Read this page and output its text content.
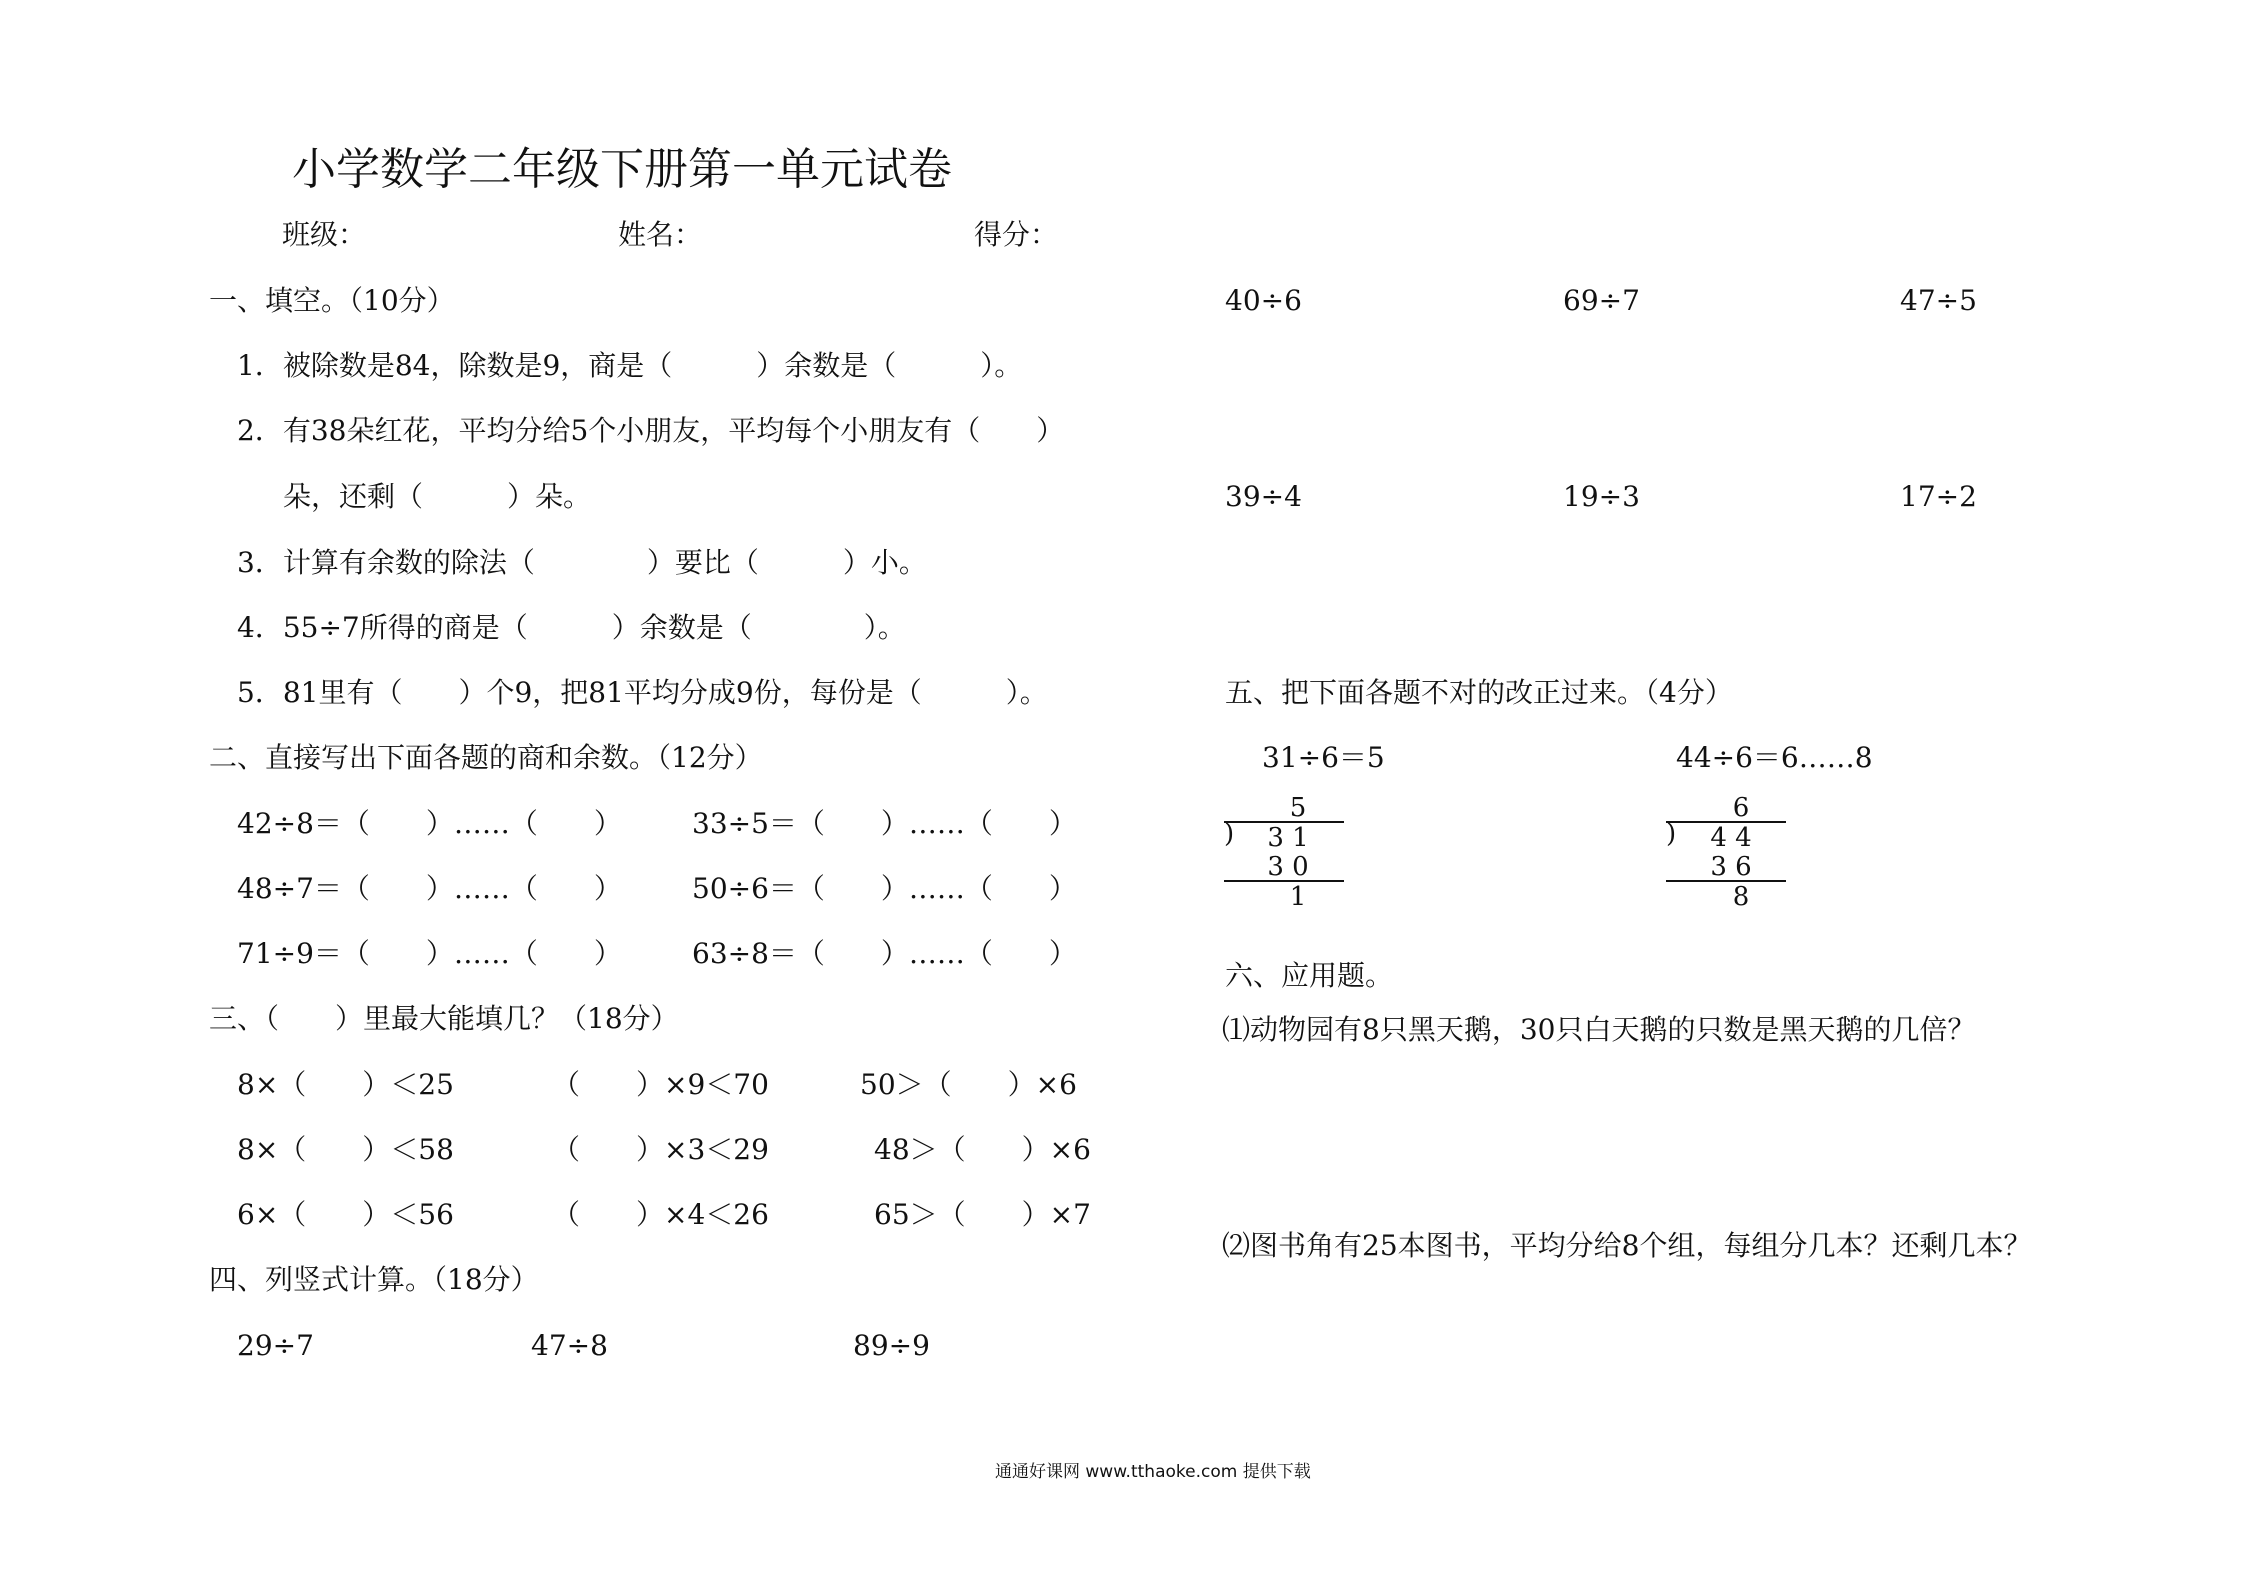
小学数学二年级下册第一单元试卷
班级：	姓名：	得分：
一、填空。（10分）
1．被除数是84，除数是9，商是（　　　）余数是（　　　）。
2．有38朵红花，平均分给5个小朋友，平均每个小朋友有（　　）
朵，还剩（　　　）朵。
3．计算有余数的除法（　　　　）要比（　　　）小。
4．55÷7所得的商是（　　　）余数是（　　　　）。
5．81里有（　　）个9，把81平均分成9份，每份是（　　　）。
二、直接写出下面各题的商和余数。（12分）
42÷8＝（　　）……（　　）	33÷5＝（　　）……（　　）
48÷7＝（　　）……（　　）	50÷6＝（　　）……（　　）
71÷9＝（　　）……（　　）	63÷8＝（　　）……（　　）
三、（　　）里最大能填几？（18分）
8×（　　）＜25	（　　）×9＜70	50＞（　　）×6
8×（　　）＜58	（　　）×3＜29	48＞（　　）×6
6×（　　）＜56	（　　）×4＜26	65＞（　　）×7
四、列竖式计算。（18分）
29÷7	47÷8	89÷9
40÷6	69÷7	47÷5
39÷4	19÷3	17÷2
五、把下面各题不对的改正过来。（4分）
31÷6＝5	44÷6＝6……8
5
)	3 1
3 0
1
6
)	4 4
3 6
8
六、应用题。
⑴动物园有8只黑天鹅，30只白天鹅的只数是黑天鹅的几倍？
⑵图书角有25本图书，平均分给8个组，每组分几本？还剩几本？
通通好课网 www.tthaoke.com 提供下载
